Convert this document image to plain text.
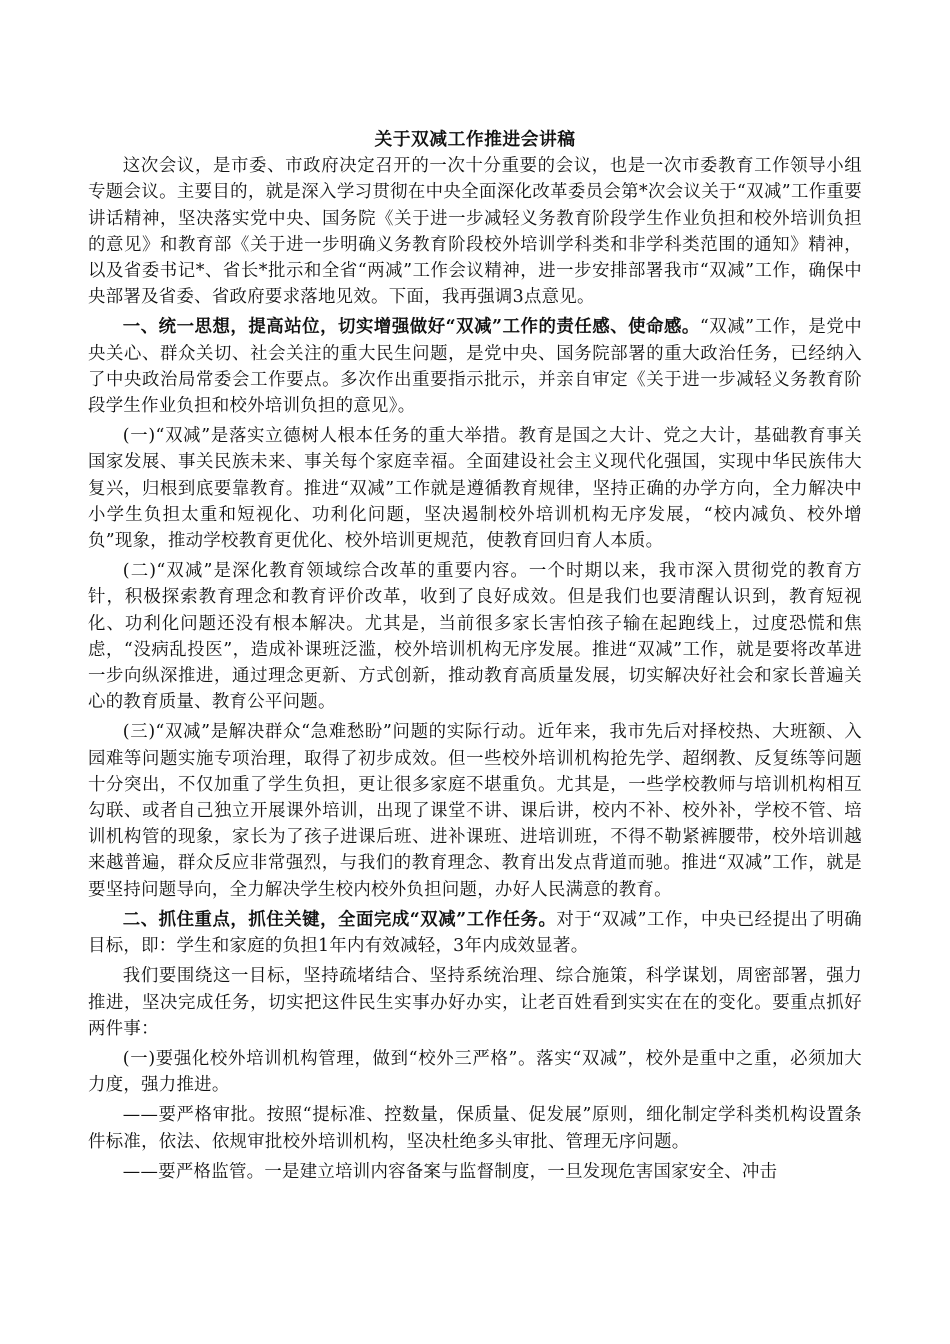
关于双减工作推进会讲稿

这次会议，是市委、市政府决定召开的一次十分重要的会议，也是一次市委教育工作领导小组专题会议。主要目的，就是深入学习贯彻在中央全面深化改革委员会第*次会议关于“双减”工作重要讲话精神，坚决落实党中央、国务院《关于进一步减轻义务教育阶段学生作业负担和校外培训负担的意见》和教育部《关于进一步明确义务教育阶段校外培训学科类和非学科类范围的通知》精神，以及省委书记*、省长*批示和全省“两减”工作会议精神，进一步安排部署我市“双减”工作，确保中央部署及省委、省政府要求落地见效。下面，我再强调3点意见。

一、统一思想，提高站位，切实增强做好“双减”工作的责任感、使命感。“双减”工作，是党中央关心、群众关切、社会关注的重大民生问题，是党中央、国务院部署的重大政治任务，已经纳入了中央政治局常委会工作要点。多次作出重要指示批示，并亲自审定《关于进一步减轻义务教育阶段学生作业负担和校外培训负担的意见》。

(一)“双减”是落实立德树人根本任务的重大举措。教育是国之大计、党之大计，基础教育事关国家发展、事关民族未来、事关每个家庭幸福。全面建设社会主义现代化强国，实现中华民族伟大复兴，归根到底要靠教育。推进“双减”工作就是遵循教育规律，坚持正确的办学方向，全力解决中小学生负担太重和短视化、功利化问题，坚决遏制校外培训机构无序发展，“校内减负、校外增负”现象，推动学校教育更优化、校外培训更规范，使教育回归育人本质。

(二)“双减”是深化教育领域综合改革的重要内容。一个时期以来，我市深入贯彻党的教育方针，积极探索教育理念和教育评价改革，收到了良好成效。但是我们也要清醒认识到，教育短视化、功利化问题还没有根本解决。尤其是，当前很多家长害怕孩子输在起跑线上，过度恐慌和焦虑，“没病乱投医”，造成补课班泛滥，校外培训机构无序发展。推进“双减”工作，就是要将改革进一步向纵深推进，通过理念更新、方式创新，推动教育高质量发展，切实解决好社会和家长普遍关心的教育质量、教育公平问题。

(三)“双减”是解决群众“急难愁盼”问题的实际行动。近年来，我市先后对择校热、大班额、入园难等问题实施专项治理，取得了初步成效。但一些校外培训机构抢先学、超纲教、反复练等问题十分突出，不仅加重了学生负担，更让很多家庭不堪重负。尤其是，一些学校教师与培训机构相互勾联、或者自己独立开展课外培训，出现了课堂不讲、课后讲，校内不补、校外补，学校不管、培训机构管的现象，家长为了孩子进课后班、进补课班、进培训班，不得不勒紧裤腰带，校外培训越来越普遍，群众反应非常强烈，与我们的教育理念、教育出发点背道而驰。推进“双减”工作，就是要坚持问题导向，全力解决学生校内校外负担问题，办好人民满意的教育。

二、抓住重点，抓住关键，全面完成“双减”工作任务。对于“双减”工作，中央已经提出了明确目标，即：学生和家庭的负担1年内有效减轻，3年内成效显著。

我们要围绕这一目标，坚持疏堵结合、坚持系统治理、综合施策，科学谋划，周密部署，强力推进，坚决完成任务，切实把这件民生实事办好办实，让老百姓看到实实在在的变化。要重点抓好两件事：

(一)要强化校外培训机构管理，做到“校外三严格”。落实“双减”，校外是重中之重，必须加大力度，强力推进。

——要严格审批。按照“提标准、控数量，保质量、促发展”原则，细化制定学科类机构设置条件标准，依法、依规审批校外培训机构，坚决杜绝多头审批、管理无序问题。

——要严格监管。一是建立培训内容备案与监督制度，一旦发现危害国家安全、冲击
